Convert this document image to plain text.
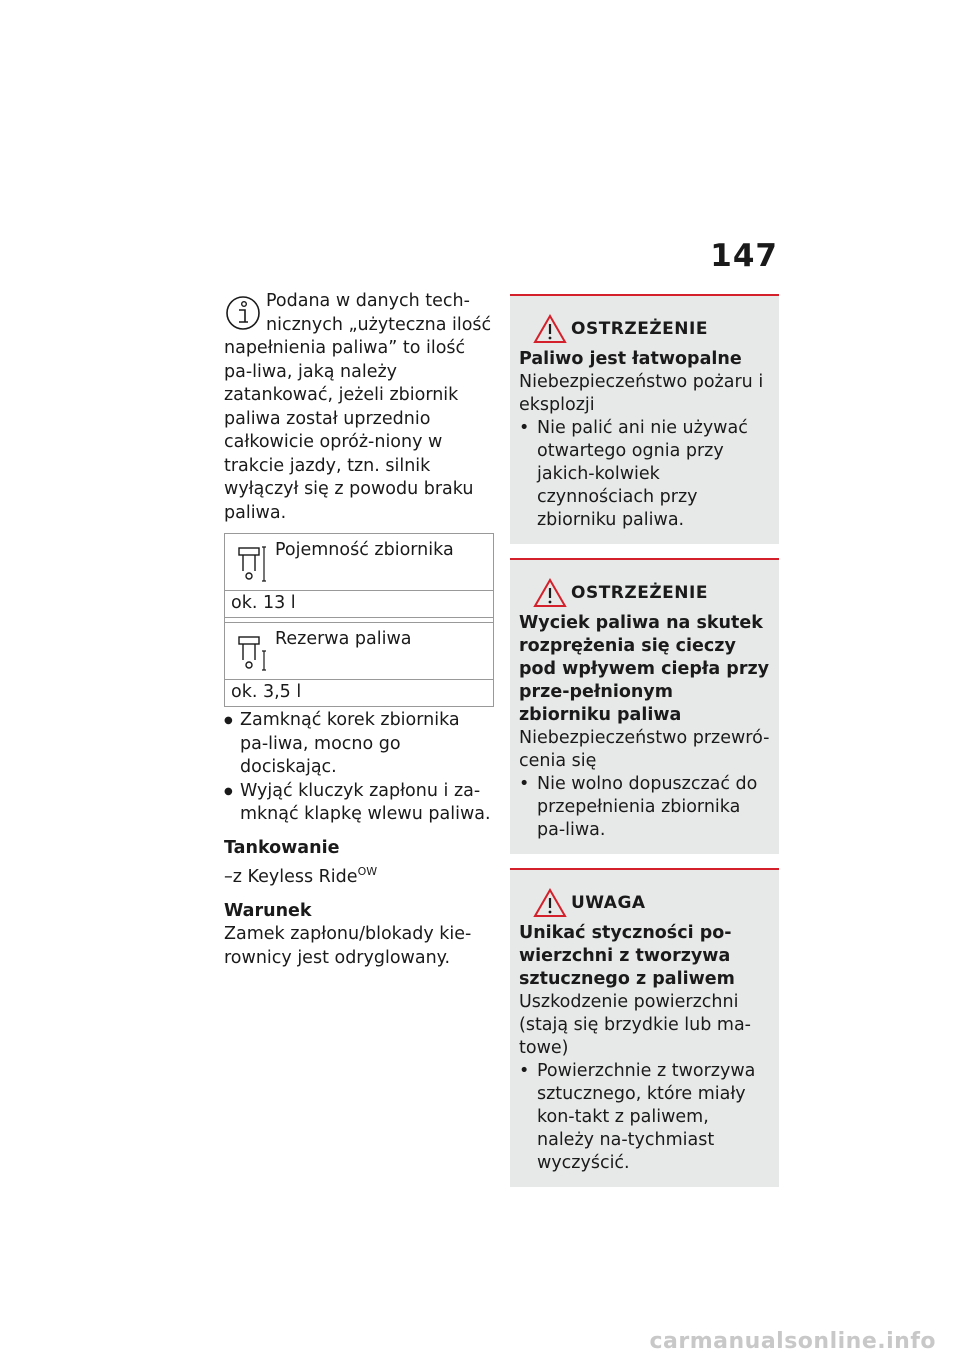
147
Podana w danych tech-
nicznych „użyteczna ilość
napełnienia paliwa” to ilość pa-liwa, jaką należy zatankować, jeżeli zbiornik paliwa został uprzednio całkowicie opróż-niony w trakcie jazdy, tzn. silnik wyłączył się z powodu braku paliwa.
Pojemność zbiornika
ok. 13 l
Rezerwa paliwa
ok. 3,5 l
● Zamknąć korek zbiornika pa-liwa, mocno go dociskając.
● Wyjąć kluczyk zapłonu i za-mknąć klapkę wlewu paliwa.
Tankowanie
–z Keyless Ride$^{OW}$
Warunek
Zamek zapłonu/blokady kie-rownicy jest odryglowany.
OSTRZEŻENIE
Paliwo jest łatwopalne
Niebezpieczeństwo pożaru i eksplozji
• Nie palić ani nie używać otwartego ognia przy jakich-kolwiek czynnościach przy zbiorniku paliwa.
OSTRZEŻENIE
Wyciek paliwa na skutek rozprężenia się cieczy pod wpływem ciepła przy prze-pełnionym zbiorniku paliwa
Niebezpieczeństwo przewró-cenia się
• Nie wolno dopuszczać do przepełnienia zbiornika pa-liwa.
UWAGA
Unikać styczności po-wierzchni z tworzywa sztucznego z paliwem
Uszkodzenie powierzchni (stają się brzydkie lub ma-towe)
• Powierzchnie z tworzywa sztucznego, które miały kon-takt z paliwem, należy na-tychmiast wyczyścić.
carmanualsonline.info
